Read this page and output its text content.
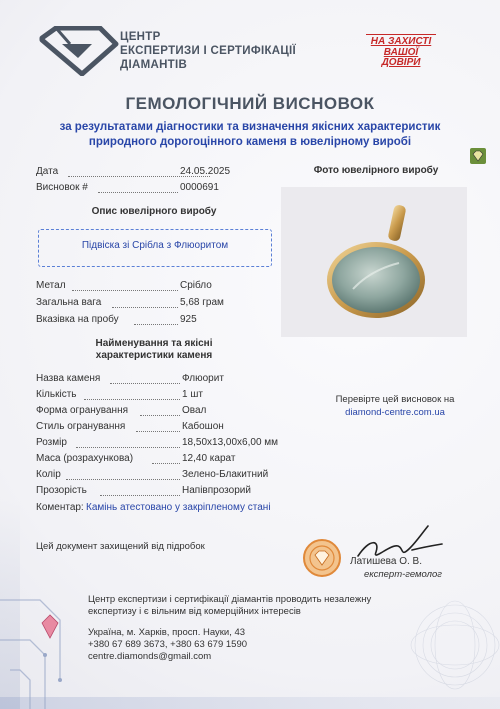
ЦЕНТР
ЕКСПЕРТИЗИ І СЕРТИФІКАЦІЇ
ДІАМАНТІВ
НА ЗАХИСТІ
ВАШОЇ
ДОВІРИ
ГЕМОЛОГІЧНИЙ ВИСНОВОК
за результатами діагностики та визначення якісних характеристик
природного дорогоцінного каменя в ювелірному виробі
Дата	24.05.2025
Висновок #	0000691
Опис ювелірного виробу
Підвіска зі Срібла з Флюоритом
Фото ювелірного виробу
Метал	Срібло
Загальна вага	5,68 грам
Вказівка на пробу	925
Найменування та якісні
характеристики каменя
Назва каменя	Флюорит
Кількість	1 шт
Форма огранування	Овал
Стиль огранування	Кабошон
Розмір	18,50x13,00x6,00 мм
Маса (розрахункова)	12,40 карат
Колір	Зелено-Блакитний
Прозорість	Напівпрозорий
Коментар: Камінь атестовано у закріпленому стані
Перевірте цей висновок на
diamond-centre.com.ua
Цей документ захищений від підробок
Латишева О. В.
експерт-гемолог
Центр експертизи і сертифікації діамантів проводить незалежну
експертизу і є вільним від комерційних інтересів
Україна, м. Харків, просп. Науки, 43
+380 67 689 3673, +380 63 679 1590
centre.diamonds@gmail.com
